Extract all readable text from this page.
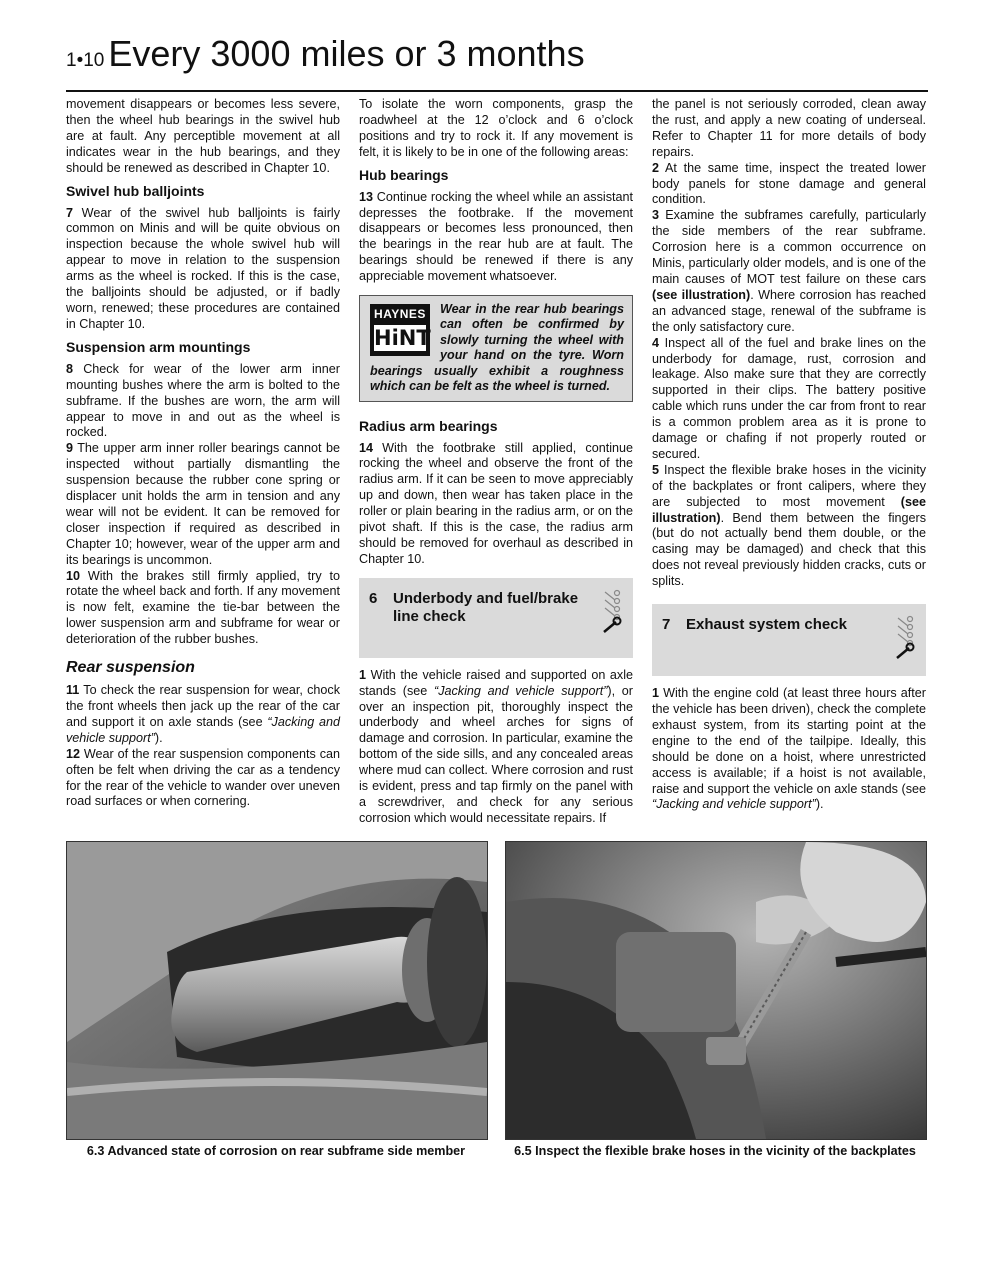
1•10 Every 3000 miles or 3 months

movement disappears or becomes less severe, then the wheel hub bearings in the swivel hub are at fault. Any perceptible movement at all indicates wear in the hub bearings, and they should be renewed as described in Chapter 10.

Swivel hub balljoints

7 Wear of the swivel hub balljoints is fairly common on Minis and will be quite obvious on inspection because the whole swivel hub will appear to move in relation to the suspension arms as the wheel is rocked. If this is the case, the balljoints should be adjusted, or if badly worn, renewed; these procedures are contained in Chapter 10.

Suspension arm mountings

8 Check for wear of the lower arm inner mounting bushes where the arm is bolted to the subframe. If the bushes are worn, the arm will appear to move in and out as the wheel is rocked.

9 The upper arm inner roller bearings cannot be inspected without partially dismantling the suspension because the rubber cone spring or displacer unit holds the arm in tension and any wear will not be evident. It can be removed for closer inspection if required as described in Chapter 10; however, wear of the upper arm and its bearings is uncommon.

10 With the brakes still firmly applied, try to rotate the wheel back and forth. If any movement is now felt, examine the tie-bar between the lower suspension arm and subframe for wear or deterioration of the rubber bushes.

Rear suspension

11 To check the rear suspension for wear, chock the front wheels then jack up the rear of the car and support it on axle stands (see “Jacking and vehicle support”).

12 Wear of the rear suspension components can often be felt when driving the car as a tendency for the rear of the vehicle to wander over uneven road surfaces or when cornering.

To isolate the worn components, grasp the roadwheel at the 12 o’clock and 6 o’clock positions and try to rock it. If any movement is felt, it is likely to be in one of the following areas:

Hub bearings

13 Continue rocking the wheel while an assistant depresses the footbrake. If the movement disappears or becomes less pronounced, then the bearings in the rear hub are at fault. The bearings should be renewed if there is any appreciable movement whatsoever.

HAYNES
HiNT
Wear in the rear hub bearings can often be confirmed by slowly turning the wheel with your hand on the tyre. Worn bearings usually exhibit a roughness which can be felt as the wheel is turned.
Radius arm bearings

14 With the footbrake still applied, continue rocking the wheel and observe the front of the radius arm. If it can be seen to move appreciably up and down, then wear has taken place in the roller or plain bearing in the radius arm, or on the pivot shaft. If this is the case, the radius arm should be removed for overhaul as described in Chapter 10.

6 Underbody and fuel/brake line check

1 With the vehicle raised and supported on axle stands (see “Jacking and vehicle support”), or over an inspection pit, thoroughly inspect the underbody and wheel arches for signs of damage and corrosion. In particular, examine the bottom of the side sills, and any concealed areas where mud can collect. Where corrosion and rust is evident, press and tap firmly on the panel with a screwdriver, and check for any serious corrosion which would necessitate repairs. If

the panel is not seriously corroded, clean away the rust, and apply a new coating of underseal. Refer to Chapter 11 for more details of body repairs.

2 At the same time, inspect the treated lower body panels for stone damage and general condition.

3 Examine the subframes carefully, particularly the side members of the rear subframe. Corrosion here is a common occurrence on Minis, particularly older models, and is one of the main causes of MOT test failure on these cars (see illustration). Where corrosion has reached an advanced stage, renewal of the subframe is the only satisfactory cure.

4 Inspect all of the fuel and brake lines on the underbody for damage, rust, corrosion and leakage. Also make sure that they are correctly supported in their clips. The battery positive cable which runs under the car from front to rear is a common problem area as it is prone to damage or chafing if not properly routed or secured.

5 Inspect the flexible brake hoses in the vicinity of the backplates or front calipers, where they are subjected to most movement (see illustration). Bend them between the fingers (but do not actually bend them double, or the casing may be damaged) and check that this does not reveal previously hidden cracks, cuts or splits.

7 Exhaust system check

1 With the engine cold (at least three hours after the vehicle has been driven), check the complete exhaust system, from its starting point at the engine to the end of the tailpipe. Ideally, this should be done on a hoist, where unrestricted access is available; if a hoist is not available, raise and support the vehicle on axle stands (see “Jacking and vehicle support”).

6.3 Advanced state of corrosion on rear subframe side member	6.5 Inspect the flexible brake hoses in the vicinity of the backplates
